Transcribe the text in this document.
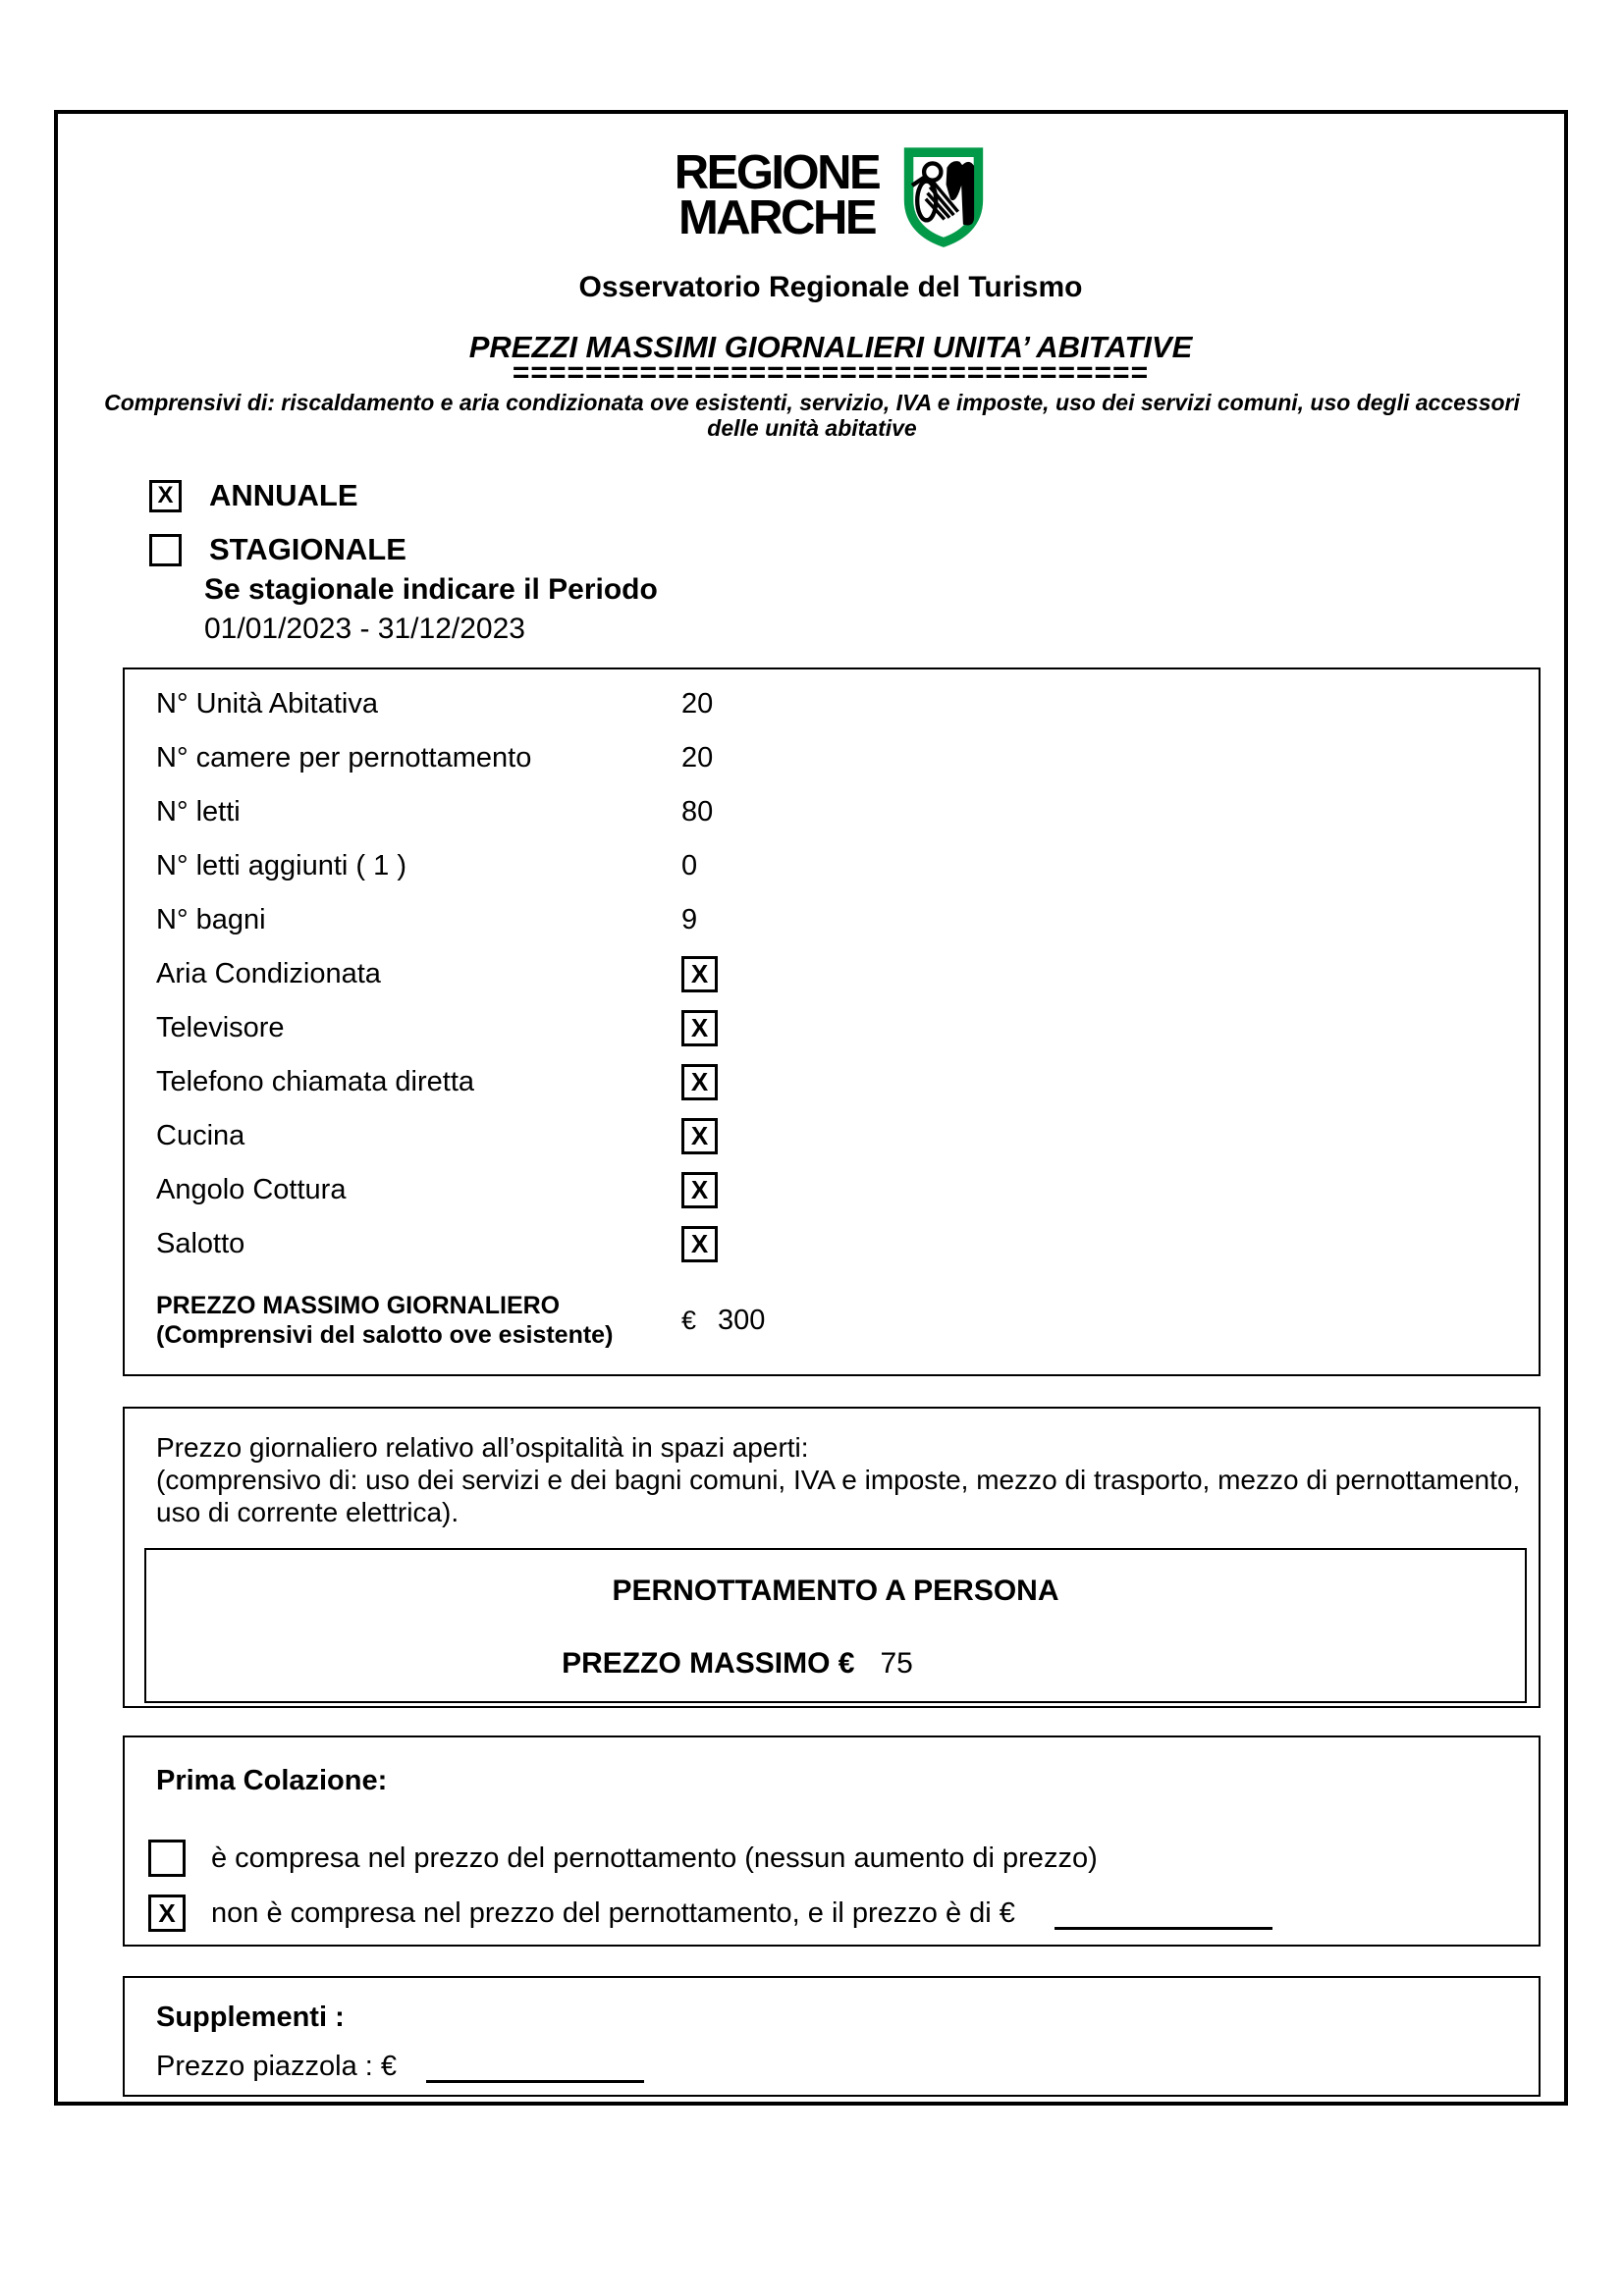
REGIONE
MARCHE
Osservatorio Regionale del Turismo
PREZZI MASSIMI GIORNALIERI UNITA’ ABITATIVE
===================================
Comprensivi di: riscaldamento e aria condizionata ove esistenti, servizio, IVA e imposte, uso dei servizi comuni, uso degli accessori delle unità abitative
X ANNUALE
STAGIONALE
Se stagionale indicare il Periodo
01/01/2023 - 31/12/2023
N° Unità Abitativa	20
N° camere per pernottamento	20
N° letti	80
N° letti aggiunti ( 1 )	0
N° bagni	9
Aria Condizionata	X
Televisore	X
Telefono chiamata diretta	X
Cucina	X
Angolo Cottura	X
Salotto	X
PREZZO MASSIMO GIORNALIERO
(Comprensivi del salotto ove esistente)
€ 300
Prezzo giornaliero relativo all’ospitalità in spazi aperti:
(comprensivo di: uso dei servizi e dei bagni comuni, IVA e imposte, mezzo di trasporto, mezzo di pernottamento, uso di corrente elettrica).
PERNOTTAMENTO A PERSONA
PREZZO MASSIMO € 75
Prima Colazione:
è compresa nel prezzo del pernottamento (nessun aumento di prezzo)
X	non è compresa nel prezzo del pernottamento, e il prezzo è di €
Supplementi :
Prezzo piazzola : €
